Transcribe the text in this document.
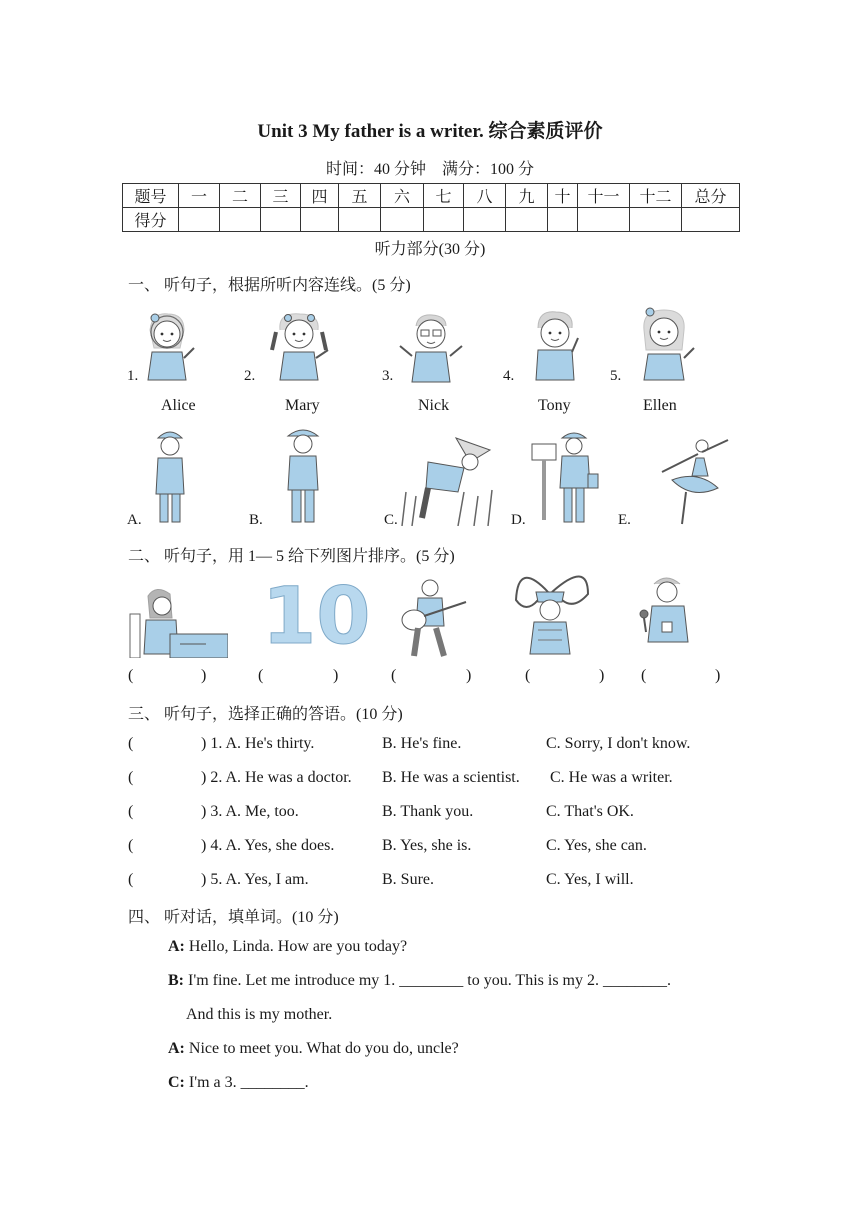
Unit 3 My father is a writer. 综合素质评价
时间：40 分钟 满分：100 分
题号	一	二	三	四	五	六	七	八	九	十	十一	十二	总分
得分													
听力部分(30 分)
一、 听句子，根据所听内容连线。(5 分)
1.	2.	3.	4.	5.
Alice	Mary	Nick	Tony	Ellen
A.	B.	C.	D.	E.
二、 听句子，用 1— 5 给下列图片排序。(5 分)
10
(	)	(	)	(	)	(	) (	)
三、 听句子，选择正确的答语。(10 分)
(	) 1. A. He's thirty.	B. He's fine.	C. Sorry, I don't know.
(	) 2. A. He was a doctor. B. He was a scientist. C. He was a writer.
(	) 3. A. Me, too.	B. Thank you.	C. That's OK.
(	) 4. A. Yes, she does.	B. Yes, she is.	C. Yes, she can.
(	) 5. A. Yes, I am.	B. Sure.	C. Yes, I will.
四、 听对话，填单词。(10 分)
A: Hello, Linda. How are you today?
B: I'm fine. Let me introduce my 1. ________ to you. This is my 2. ________.
And this is my mother.
A: Nice to meet you. What do you do, uncle?
C: I'm a 3. ________.
